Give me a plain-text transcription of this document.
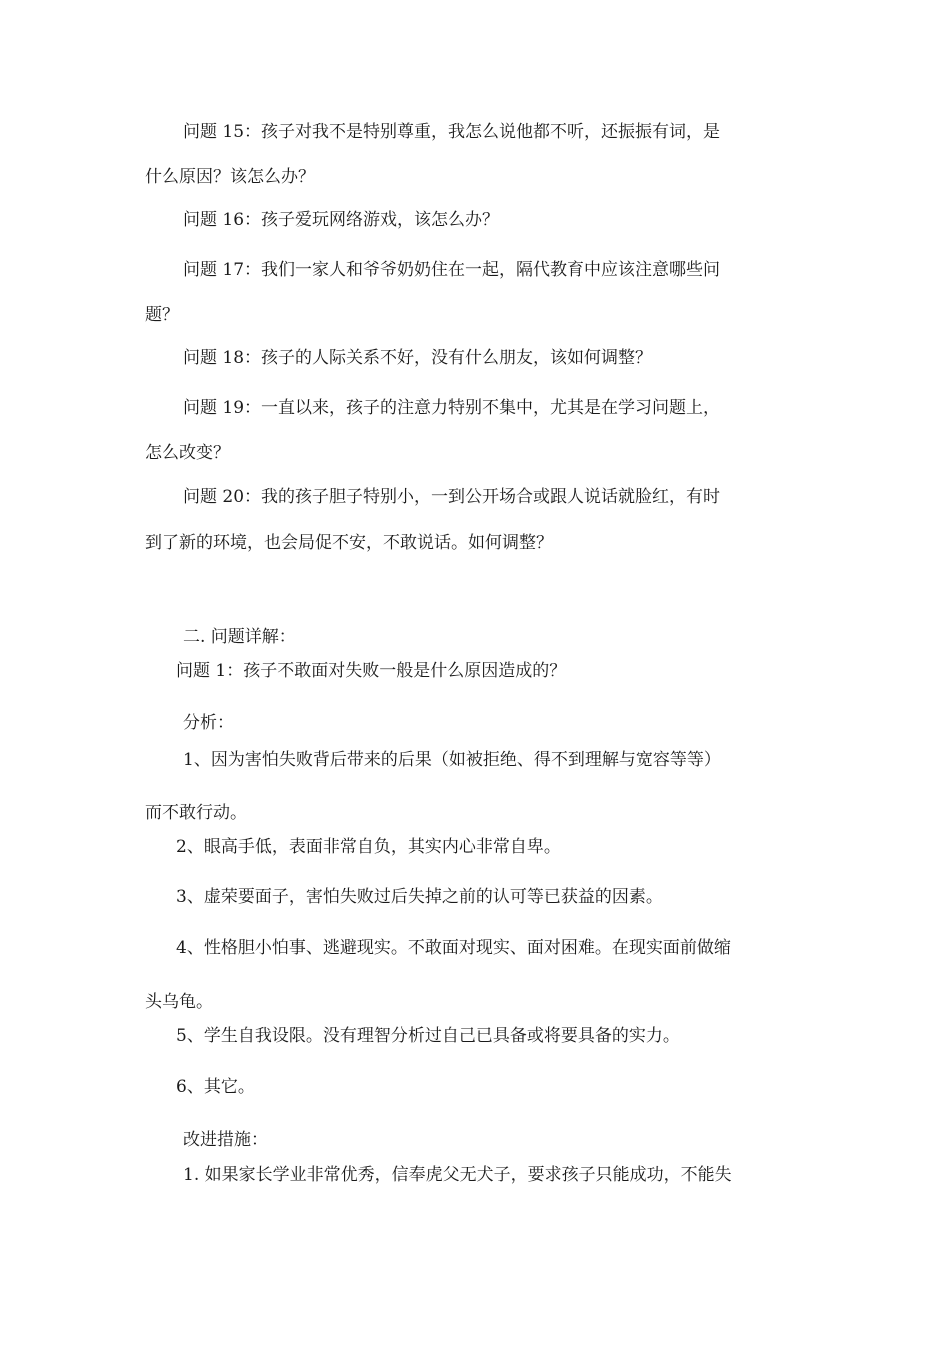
问题 15：孩子对我不是特别尊重，我怎么说他都不听，还振振有词，是
什么原因？该怎么办？
问题 16：孩子爱玩网络游戏，该怎么办？
问题 17：我们一家人和爷爷奶奶住在一起，隔代教育中应该注意哪些问
题？
问题 18：孩子的人际关系不好，没有什么朋友，该如何调整？
问题 19：一直以来，孩子的注意力特别不集中，尤其是在学习问题上，
怎么改变？
问题 20：我的孩子胆子特别小，一到公开场合或跟人说话就脸红，有时
到了新的环境，也会局促不安，不敢说话。如何调整？
二. 问题详解：
问题 1：孩子不敢面对失败一般是什么原因造成的？
分析：
1、因为害怕失败背后带来的后果（如被拒绝、得不到理解与宽容等等）
而不敢行动。
2、眼高手低，表面非常自负，其实内心非常自卑。
3、虚荣要面子，害怕失败过后失掉之前的认可等已获益的因素。
4、性格胆小怕事、逃避现实。不敢面对现实、面对困难。在现实面前做缩
头乌龟。
5、学生自我设限。没有理智分析过自己已具备或将要具备的实力。
6、其它。
改进措施：
1. 如果家长学业非常优秀，信奉虎父无犬子，要求孩子只能成功，不能失
